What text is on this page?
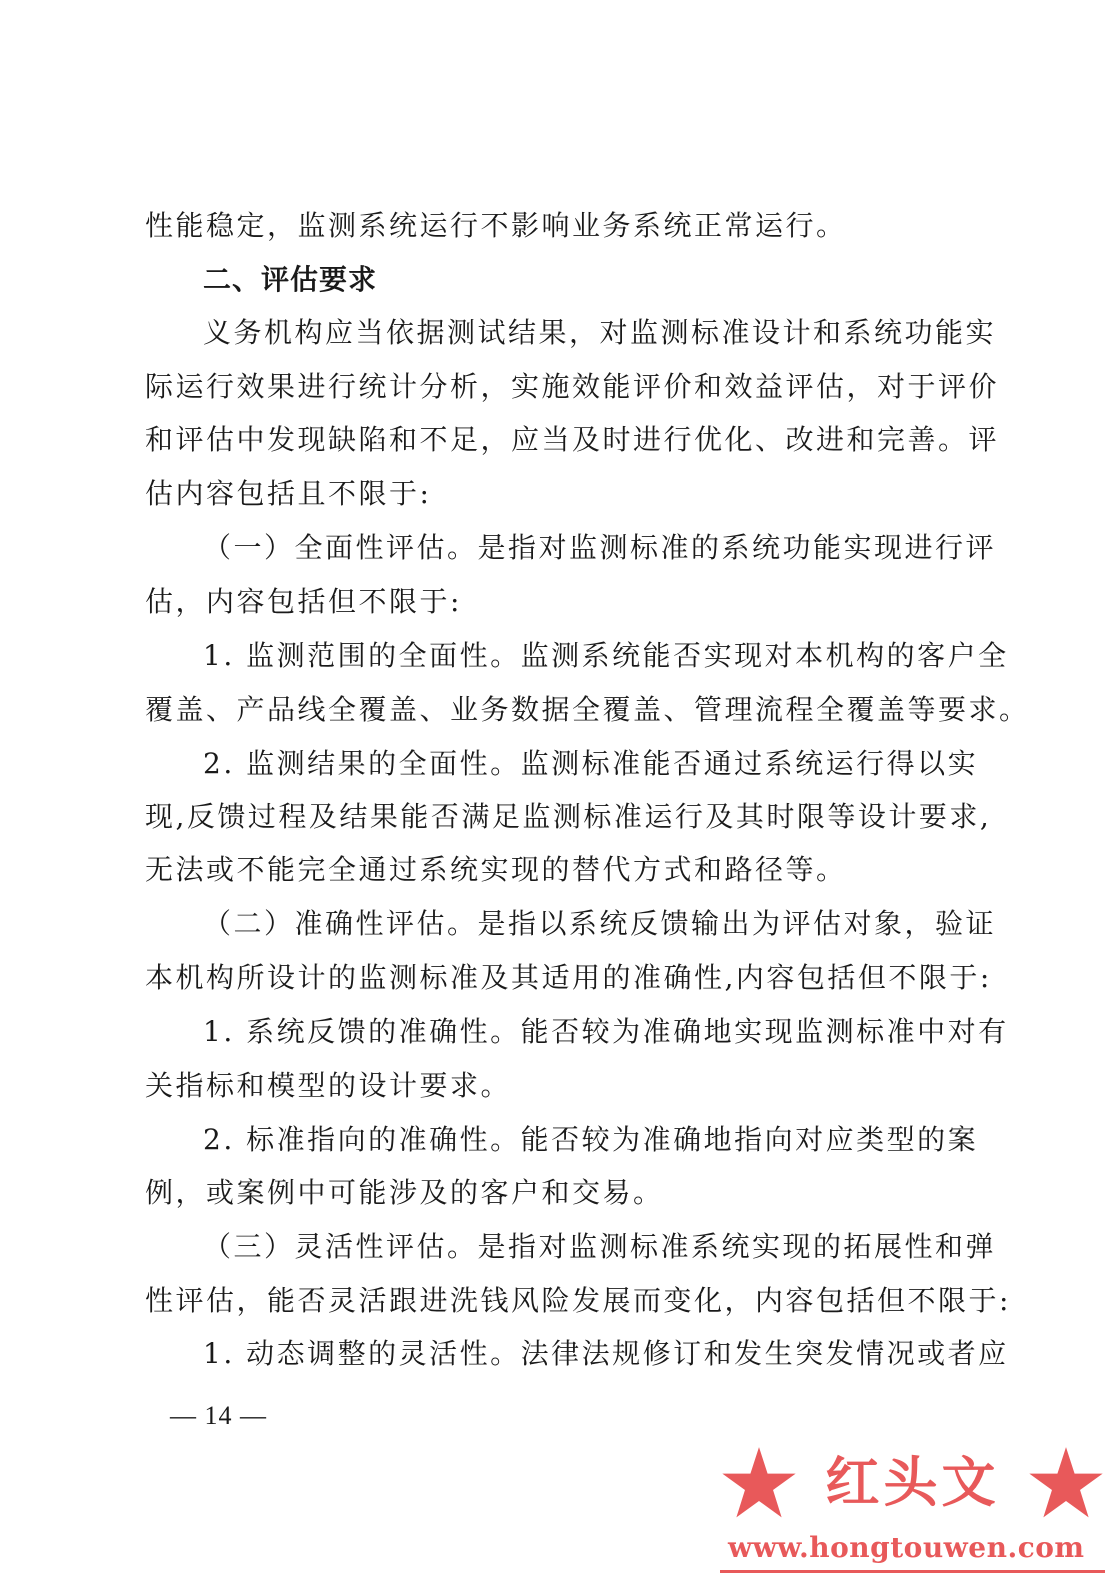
性能稳定，监测系统运行不影响业务系统正常运行。
二、评估要求
义务机构应当依据测试结果，对监测标准设计和系统功能实
际运行效果进行统计分析，实施效能评价和效益评估，对于评价
和评估中发现缺陷和不足，应当及时进行优化、改进和完善。评
估内容包括且不限于:
（一）全面性评估。是指对监测标准的系统功能实现进行评
估，内容包括但不限于:
1. 监测范围的全面性。监测系统能否实现对本机构的客户全
覆盖、产品线全覆盖、业务数据全覆盖、管理流程全覆盖等要求。
2. 监测结果的全面性。监测标准能否通过系统运行得以实
现,反馈过程及结果能否满足监测标准运行及其时限等设计要求,
无法或不能完全通过系统实现的替代方式和路径等。
（二）准确性评估。是指以系统反馈输出为评估对象，验证
本机构所设计的监测标准及其适用的准确性,内容包括但不限于:
1. 系统反馈的准确性。能否较为准确地实现监测标准中对有
关指标和模型的设计要求。
2. 标准指向的准确性。能否较为准确地指向对应类型的案
例，或案例中可能涉及的客户和交易。
（三）灵活性评估。是指对监测标准系统实现的拓展性和弹
性评估，能否灵活跟进洗钱风险发展而变化，内容包括但不限于:
1. 动态调整的灵活性。法律法规修订和发生突发情况或者应
— 14 —
红头文
www.hongtouwen.com
